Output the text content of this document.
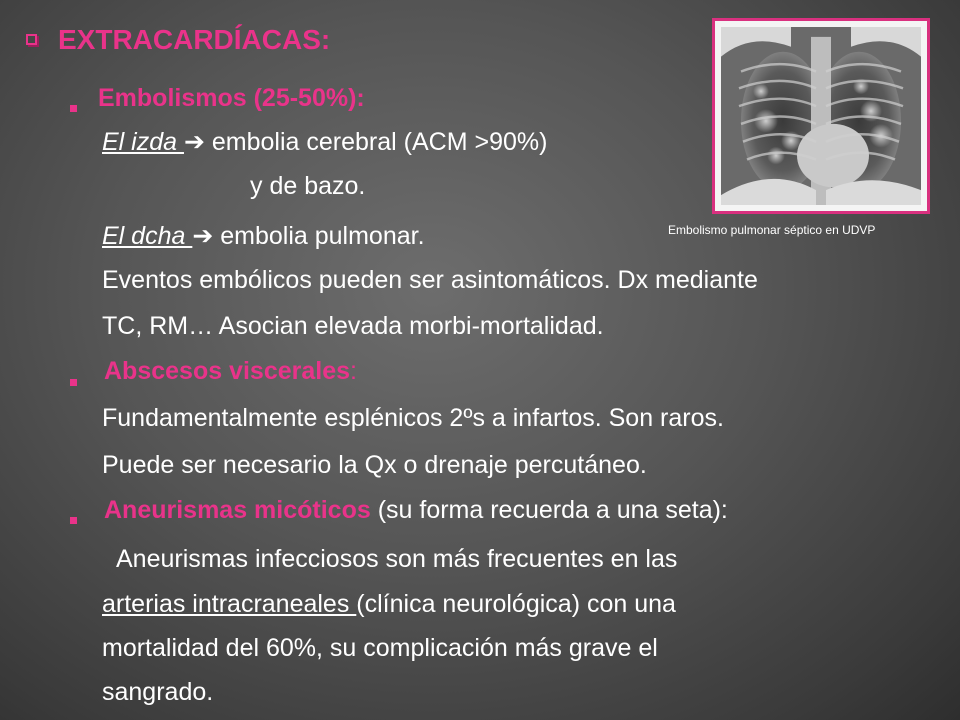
EXTRACARDÍACAS:
Embolismos (25-50%):
El izda ➔ embolia cerebral (ACM >90%)
y de bazo.
El dcha ➔ embolia pulmonar.
Eventos embólicos pueden ser asintomáticos. Dx mediante
TC, RM… Asocian elevada morbi-mortalidad.
Abscesos viscerales:
Fundamentalmente esplénicos 2ºs a infartos. Son raros.
Puede ser necesario la Qx o drenaje percutáneo.
Aneurismas micóticos (su forma recuerda a una seta):
Aneurismas infecciosos son más frecuentes en las
arterias intracraneales (clínica neurológica) con una
mortalidad del 60%, su complicación más grave el
sangrado.
Embolismo pulmonar séptico en UDVP
